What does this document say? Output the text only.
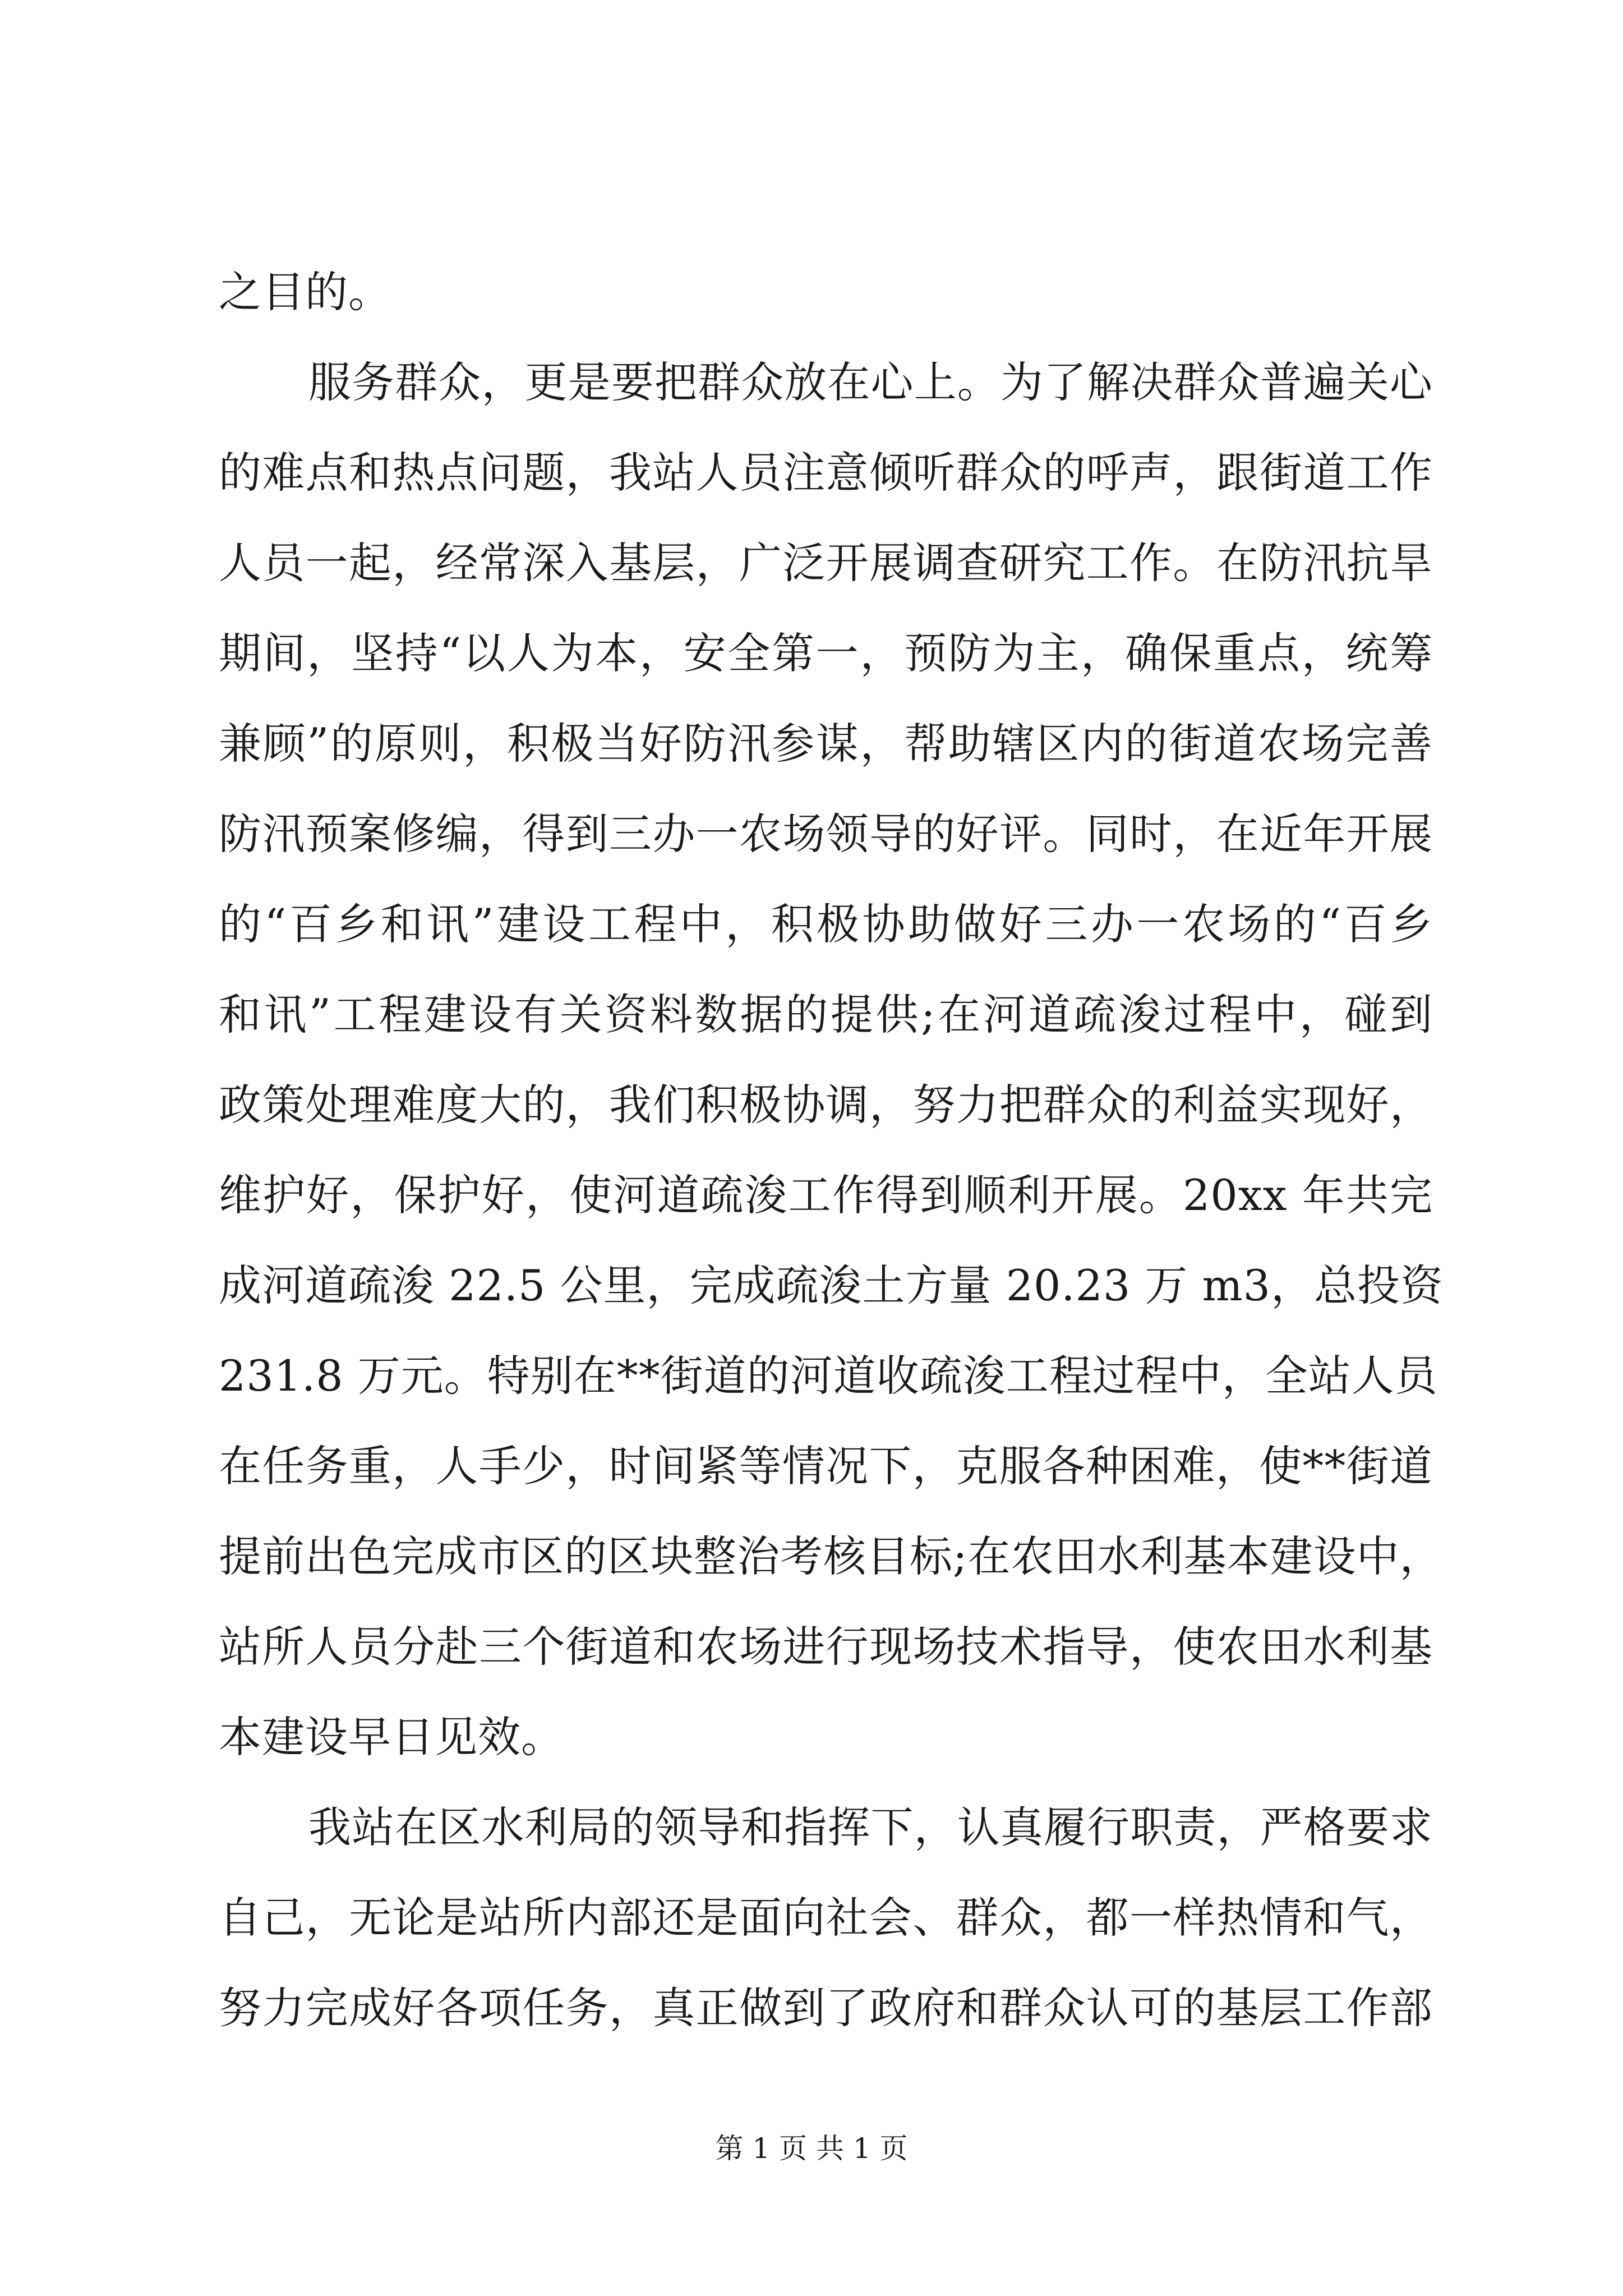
之目的。
服务群众，更是要把群众放在心上。为了解决群众普遍关心
的难点和热点问题，我站人员注意倾听群众的呼声，跟街道工作
人员一起，经常深入基层，广泛开展调查研究工作。在防汛抗旱
期间，坚持“以人为本，安全第一，预防为主，确保重点，统筹
兼顾”的原则，积极当好防汛参谋，帮助辖区内的街道农场完善
防汛预案修编，得到三办一农场领导的好评。同时，在近年开展
的“百乡和讯”建设工程中，积极协助做好三办一农场的“百乡
和讯”工程建设有关资料数据的提供;在河道疏浚过程中，碰到
政策处理难度大的，我们积极协调，努力把群众的利益实现好，
维护好，保护好，使河道疏浚工作得到顺利开展。20xx 年共完
成河道疏浚 22.5 公里，完成疏浚土方量 20.23 万 m3，总投资
231.8 万元。特别在**街道的河道收疏浚工程过程中，全站人员
在任务重，人手少，时间紧等情况下，克服各种困难，使**街道
提前出色完成市区的区块整治考核目标;在农田水利基本建设中，
站所人员分赴三个街道和农场进行现场技术指导，使农田水利基
本建设早日见效。
我站在区水利局的领导和指挥下，认真履行职责，严格要求
自己，无论是站所内部还是面向社会、群众，都一样热情和气，
努力完成好各项任务，真正做到了政府和群众认可的基层工作部
第 1 页 共 1 页
